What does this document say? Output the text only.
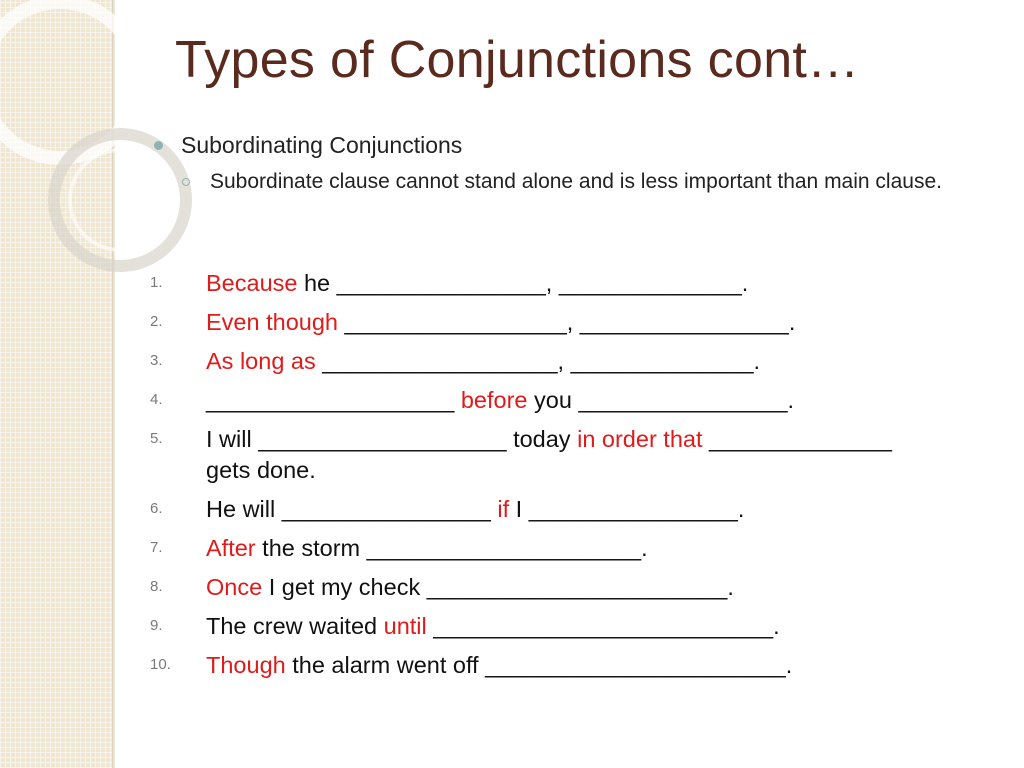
Types of Conjunctions cont…
Subordinating Conjunctions
Subordinate clause cannot stand alone and is less important than main clause.
1.	Because he ________________, ______________.
2.	Even though _________________, ________________.
3.	As long as __________________, ______________.
4.	___________________ before you ________________.
5.	I will ___________________ today in order that ______________ gets done.
6.	He will ________________ if I ________________.
7.	After the storm _____________________.
8.	Once I get my check _______________________.
9.	The crew waited until __________________________.
10.	Though the alarm went off _______________________.
